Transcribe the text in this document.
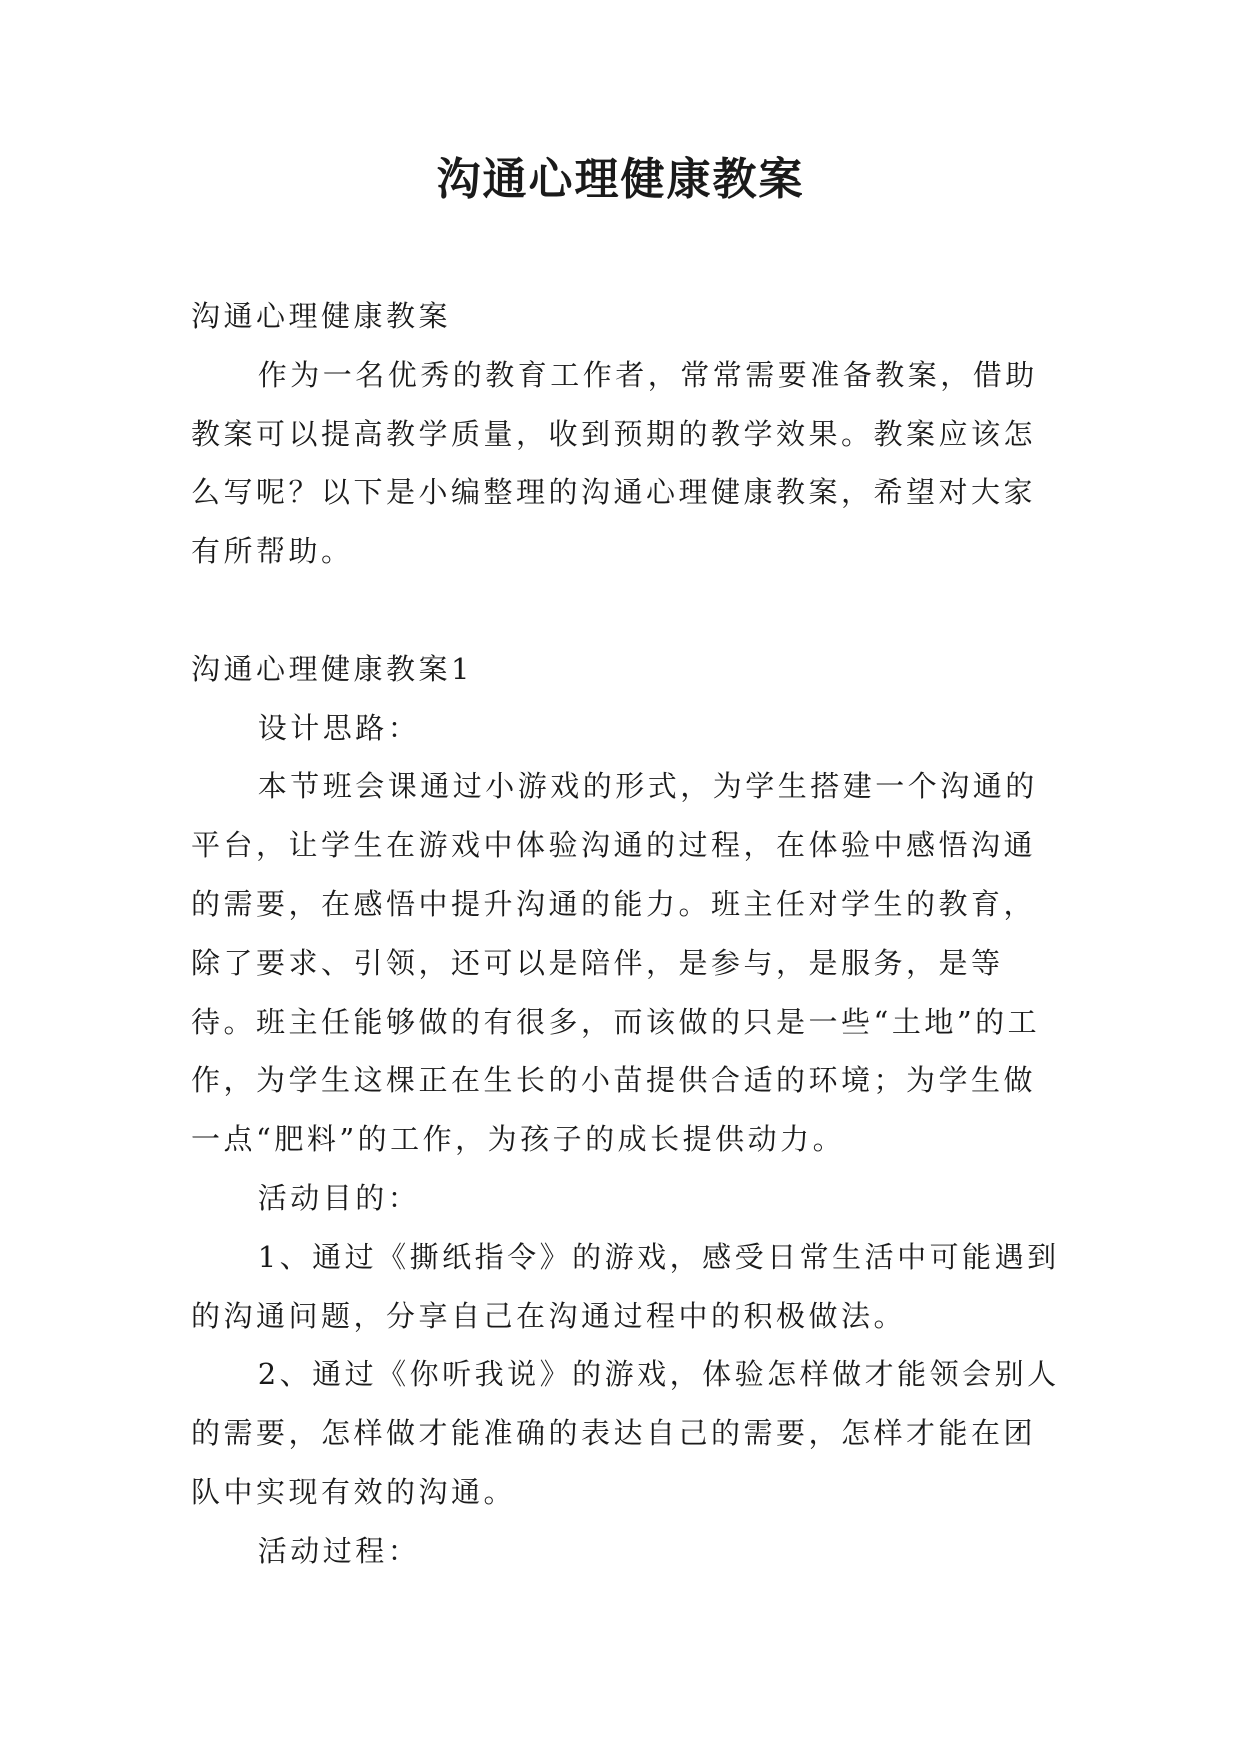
沟通心理健康教案

沟通心理健康教案

作为一名优秀的教育工作者，常常需要准备教案，借助教案可以提高教学质量，收到预期的教学效果。教案应该怎么写呢？以下是小编整理的沟通心理健康教案，希望对大家有所帮助。

沟通心理健康教案1

设计思路：

本节班会课通过小游戏的形式，为学生搭建一个沟通的平台，让学生在游戏中体验沟通的过程，在体验中感悟沟通的需要，在感悟中提升沟通的能力。班主任对学生的教育，除了要求、引领，还可以是陪伴，是参与，是服务，是等待。班主任能够做的有很多，而该做的只是一些“土地”的工作，为学生这棵正在生长的小苗提供合适的环境；为学生做一点“肥料”的工作，为孩子的成长提供动力。

活动目的：

1、通过《撕纸指令》的游戏，感受日常生活中可能遇到的沟通问题，分享自己在沟通过程中的积极做法。

2、通过《你听我说》的游戏，体验怎样做才能领会别人的需要，怎样做才能准确的表达自己的需要，怎样才能在团队中实现有效的沟通。

活动过程：
